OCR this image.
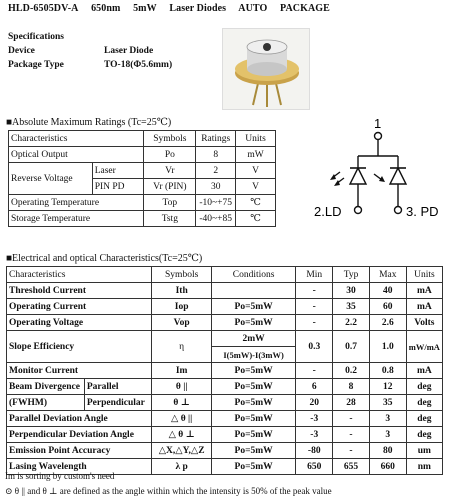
HLD-6505DV-A 650nm 5mW Laser Diodes AUTO PACKAGE
Specifications
Device	Laser Diode
Package Type	TO-18(Φ5.6mm)
■Absolute Maximum Ratings (Tc=25℃)
Characteristics		Symbols	Ratings	Units
Optical Output		Po	8	mW
Reverse Voltage	Laser	Vr	2	V
	PIN PD	Vr (PIN)	30	V
Operating Temperature		Top	-10~+75	℃
Storage Temperature		Tstg	-40~+85	℃
1
2.LD	3. PD
■Electrical and optical Characteristics(Tc=25℃)
Characteristics		Symbols	Conditions	Min	Typ	Max	Units
Threshold Current		Ith		-	30	40	mA
Operating Current		Iop	Po=5mW	-	35	60	mA
Operating Voltage		Vop	Po=5mW	-	2.2	2.6	Volts
Slope Efficiency		η	2mW	0.3	0.7	1.0	mW/mA
			I(5mW)-I(3mW)				
Monitor Current		Im	Po=5mW	-	0.2	0.8	mA
Beam Divergence	Parallel	θ ||	Po=5mW	6	8	12	deg
(FWHM)	Perpendicular	θ ⊥	Po=5mW	20	28	35	deg
Parallel Deviation Angle		△ θ ||	Po=5mW	-3	-	3	deg
Perpendicular Deviation Angle		△ θ ⊥	Po=5mW	-3	-	3	deg
Emission Point Accuracy		△X,△Y,△Z	Po=5mW	-80	-	80	um
Lasing Wavelength		λ p	Po=5mW	650	655	660	nm
Im is sorting by custom's need
⊙ θ || and θ ⊥ are defined as the angle within which the intensity is 50% of the peak value
